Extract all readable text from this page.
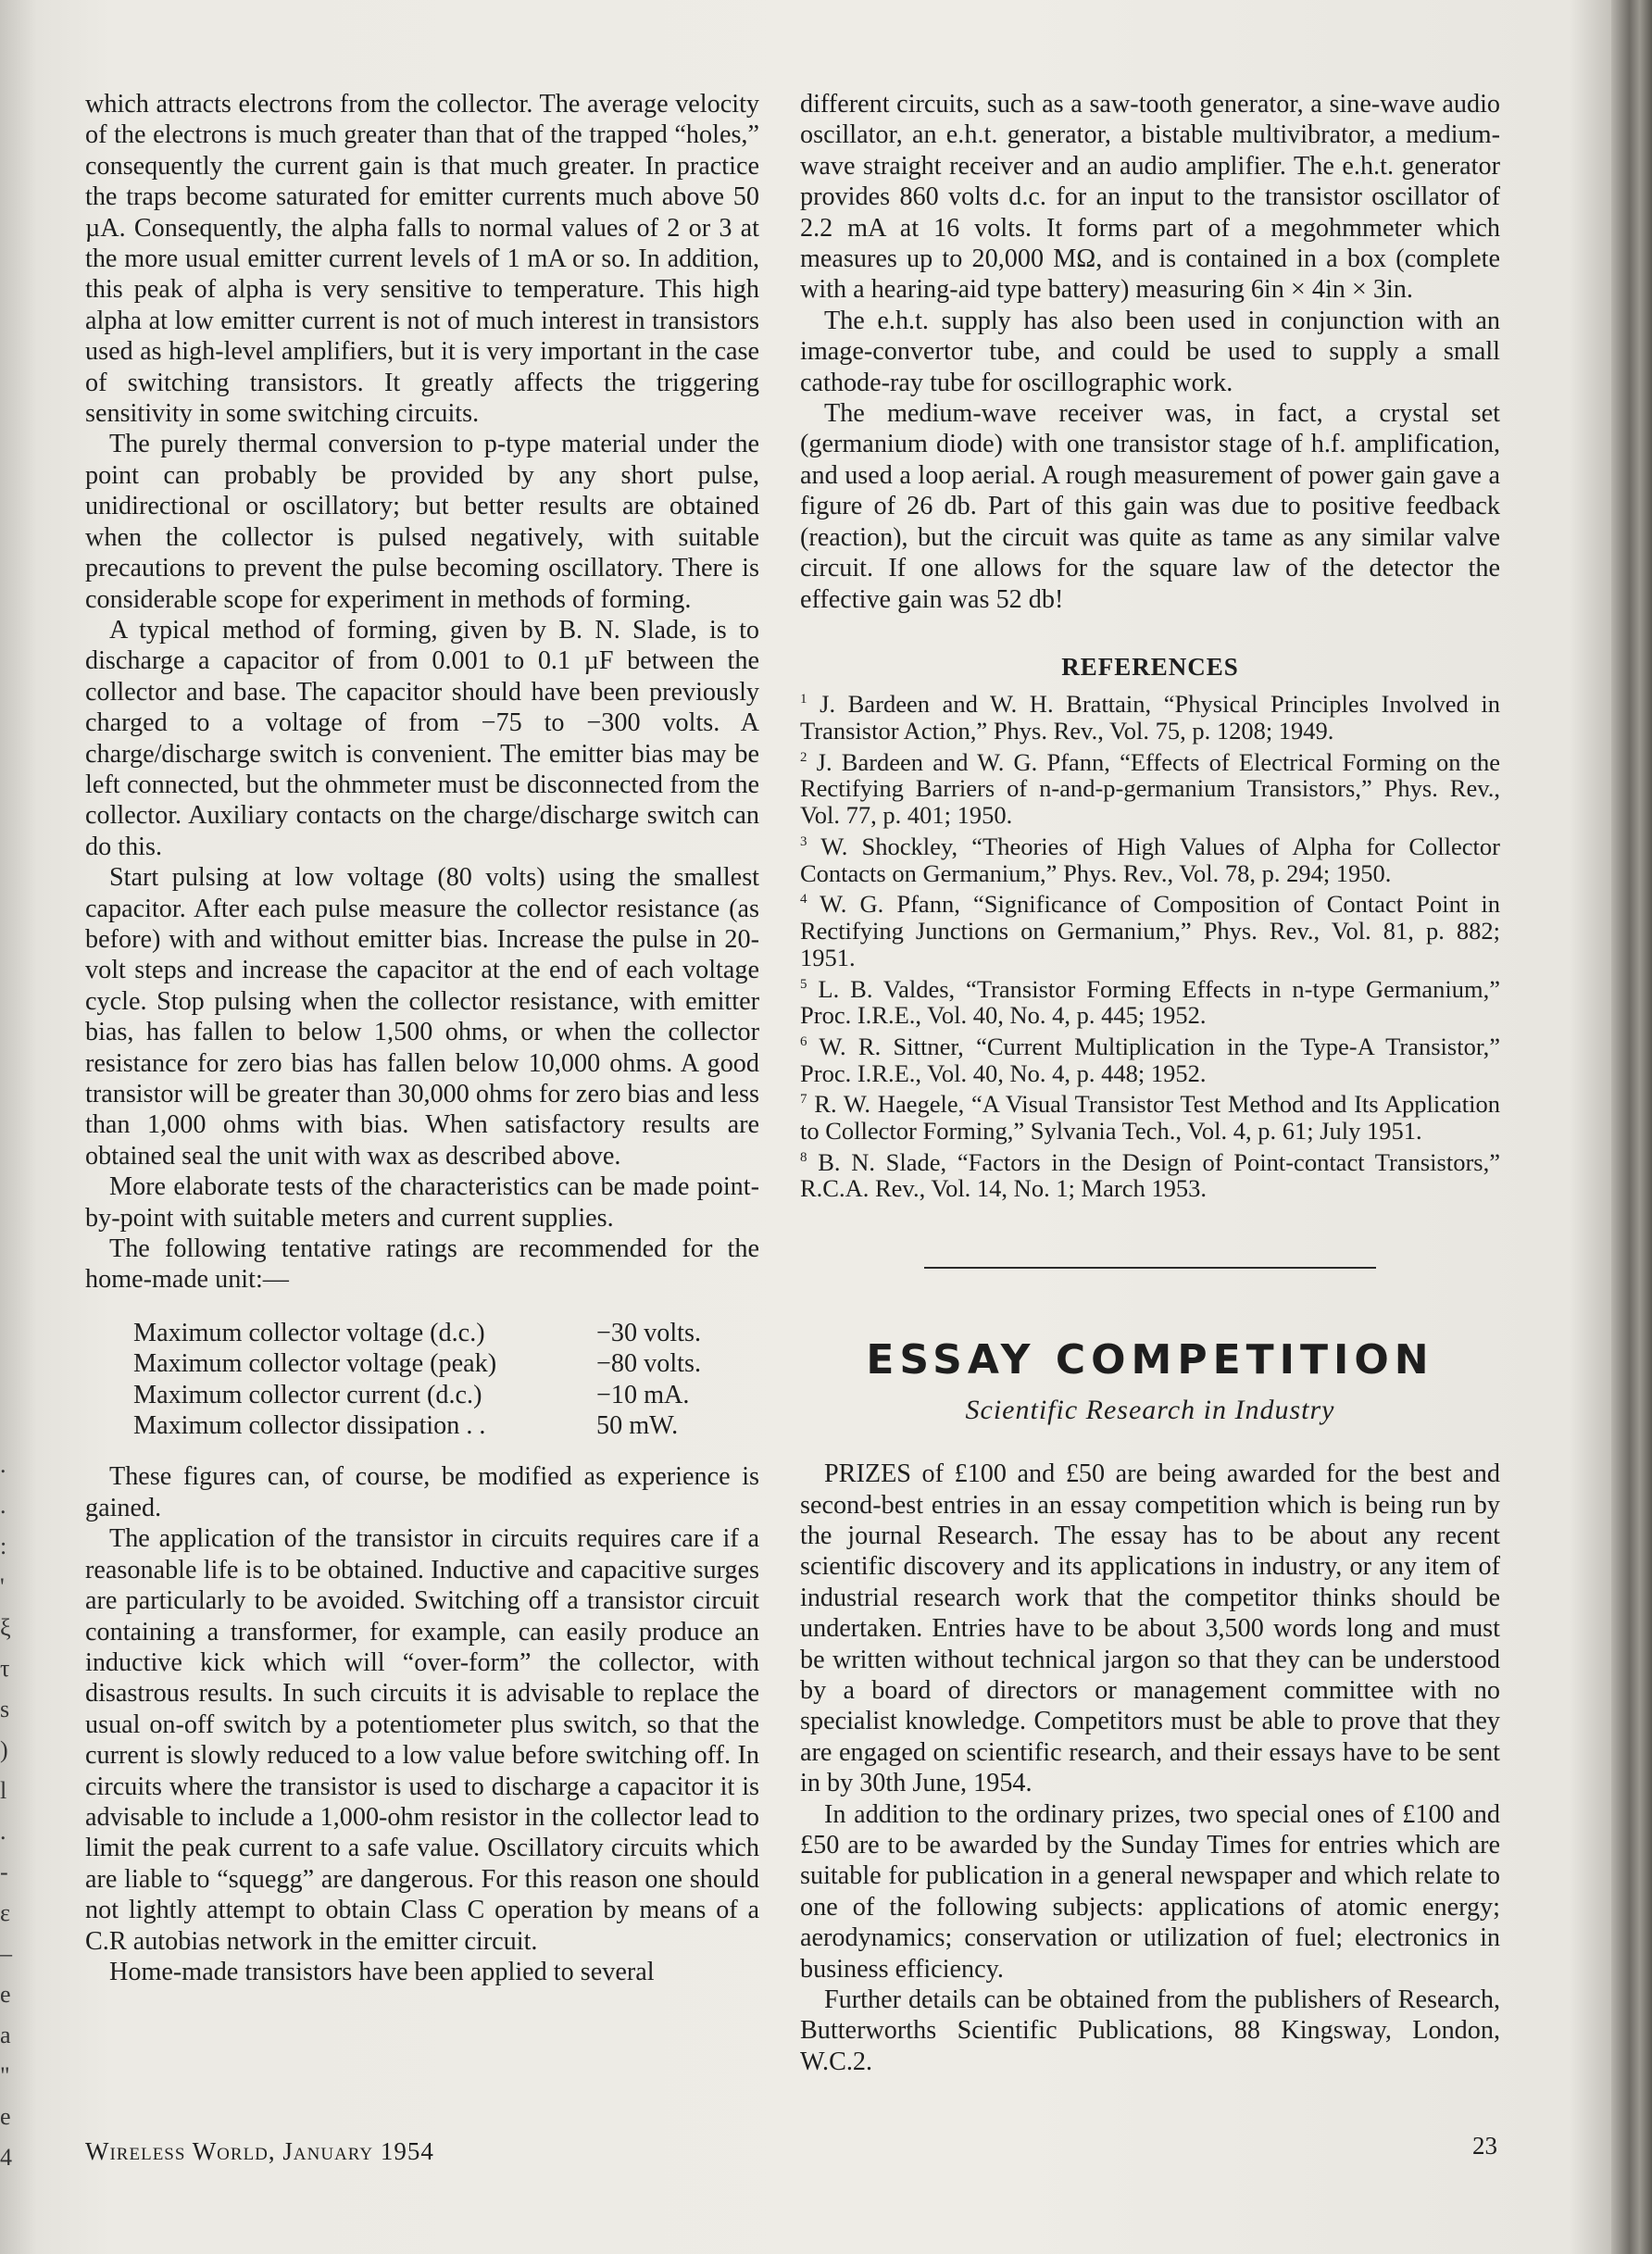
.
.
:
'
ξ
τ
s
)
l
.
-
ε
–
e
a
"
e
4

which attracts electrons from the collector. The average velocity of the electrons is much greater than that of the trapped “holes,” consequently the current gain is that much greater. In practice the traps become saturated for emitter currents much above 50 µA. Consequently, the alpha falls to normal values of 2 or 3 at the more usual emitter current levels of 1 mA or so. In addition, this peak of alpha is very sensitive to temperature. This high alpha at low emitter current is not of much interest in transistors used as high-level amplifiers, but it is very important in the case of switching transistors. It greatly affects the triggering sensitivity in some switching circuits.

The purely thermal conversion to p-type material under the point can probably be provided by any short pulse, unidirectional or oscillatory; but better results are obtained when the collector is pulsed negatively, with suitable precautions to prevent the pulse becoming oscillatory. There is considerable scope for experiment in methods of forming.

A typical method of forming, given by B. N. Slade, is to discharge a capacitor of from 0.001 to 0.1 µF between the collector and base. The capacitor should have been previously charged to a voltage of from −75 to −300 volts. A charge/discharge switch is convenient. The emitter bias may be left connected, but the ohmmeter must be disconnected from the collector. Auxiliary contacts on the charge/discharge switch can do this.

Start pulsing at low voltage (80 volts) using the smallest capacitor. After each pulse measure the collector resistance (as before) with and without emitter bias. Increase the pulse in 20-volt steps and increase the capacitor at the end of each voltage cycle. Stop pulsing when the collector resistance, with emitter bias, has fallen to below 1,500 ohms, or when the collector resistance for zero bias has fallen below 10,000 ohms. A good transistor will be greater than 30,000 ohms for zero bias and less than 1,000 ohms with bias. When satisfactory results are obtained seal the unit with wax as described above.

More elaborate tests of the characteristics can be made point-by-point with suitable meters and current supplies.

The following tentative ratings are recommended for the home-made unit:—

Maximum collector voltage (d.c.)	−30 volts.
Maximum collector voltage (peak)	−80 volts.
Maximum collector current (d.c.)	−10 mA.
Maximum collector dissipation . .	50 mW.

These figures can, of course, be modified as experience is gained.

The application of the transistor in circuits requires care if a reasonable life is to be obtained. Inductive and capacitive surges are particularly to be avoided. Switching off a transistor circuit containing a transformer, for example, can easily produce an inductive kick which will “over-form” the collector, with disastrous results. In such circuits it is advisable to replace the usual on-off switch by a potentiometer plus switch, so that the current is slowly reduced to a low value before switching off. In circuits where the transistor is used to discharge a capacitor it is advisable to include a 1,000-ohm resistor in the collector lead to limit the peak current to a safe value. Oscillatory circuits which are liable to “squegg” are dangerous. For this reason one should not lightly attempt to obtain Class C operation by means of a C.R autobias network in the emitter circuit.

Home-made transistors have been applied to several

different circuits, such as a saw-tooth generator, a sine-wave audio oscillator, an e.h.t. generator, a bistable multivibrator, a medium-wave straight receiver and an audio amplifier. The e.h.t. generator provides 860 volts d.c. for an input to the transistor oscillator of 2.2 mA at 16 volts. It forms part of a megohmmeter which measures up to 20,000 MΩ, and is contained in a box (complete with a hearing-aid type battery) measuring 6in × 4in × 3in.

The e.h.t. supply has also been used in conjunction with an image-convertor tube, and could be used to supply a small cathode-ray tube for oscillographic work.

The medium-wave receiver was, in fact, a crystal set (germanium diode) with one transistor stage of h.f. amplification, and used a loop aerial. A rough measurement of power gain gave a figure of 26 db. Part of this gain was due to positive feedback (reaction), but the circuit was quite as tame as any similar valve circuit. If one allows for the square law of the detector the effective gain was 52 db!

REFERENCES

$^1$ J. Bardeen and W. H. Brattain, “Physical Principles Involved in Transistor Action,” Phys. Rev., Vol. 75, p. 1208; 1949.

$^2$ J. Bardeen and W. G. Pfann, “Effects of Electrical Forming on the Rectifying Barriers of n-and-p-germanium Transistors,” Phys. Rev., Vol. 77, p. 401; 1950.

$^3$ W. Shockley, “Theories of High Values of Alpha for Collector Contacts on Germanium,” Phys. Rev., Vol. 78, p. 294; 1950.

$^4$ W. G. Pfann, “Significance of Composition of Contact Point in Rectifying Junctions on Germanium,” Phys. Rev., Vol. 81, p. 882; 1951.

$^5$ L. B. Valdes, “Transistor Forming Effects in n-type Germanium,” Proc. I.R.E., Vol. 40, No. 4, p. 445; 1952.

$^6$ W. R. Sittner, “Current Multiplication in the Type-A Transistor,” Proc. I.R.E., Vol. 40, No. 4, p. 448; 1952.

$^7$ R. W. Haegele, “A Visual Transistor Test Method and Its Application to Collector Forming,” Sylvania Tech., Vol. 4, p. 61; July 1951.

$^8$ B. N. Slade, “Factors in the Design of Point-contact Transistors,” R.C.A. Rev., Vol. 14, No. 1; March 1953.

ESSAY COMPETITION
Scientific Research in Industry

PRIZES of £100 and £50 are being awarded for the best and second-best entries in an essay competition which is being run by the journal Research. The essay has to be about any recent scientific discovery and its applications in industry, or any item of industrial research work that the competitor thinks should be undertaken. Entries have to be about 3,500 words long and must be written without technical jargon so that they can be understood by a board of directors or management committee with no specialist knowledge. Competitors must be able to prove that they are engaged on scientific research, and their essays have to be sent in by 30th June, 1954.

In addition to the ordinary prizes, two special ones of £100 and £50 are to be awarded by the Sunday Times for entries which are suitable for publication in a general newspaper and which relate to one of the following subjects: applications of atomic energy; aerodynamics; conservation or utilization of fuel; electronics in business efficiency.

Further details can be obtained from the publishers of Research, Butterworths Scientific Publications, 88 Kingsway, London, W.C.2.

Wireless World, January 1954	23
